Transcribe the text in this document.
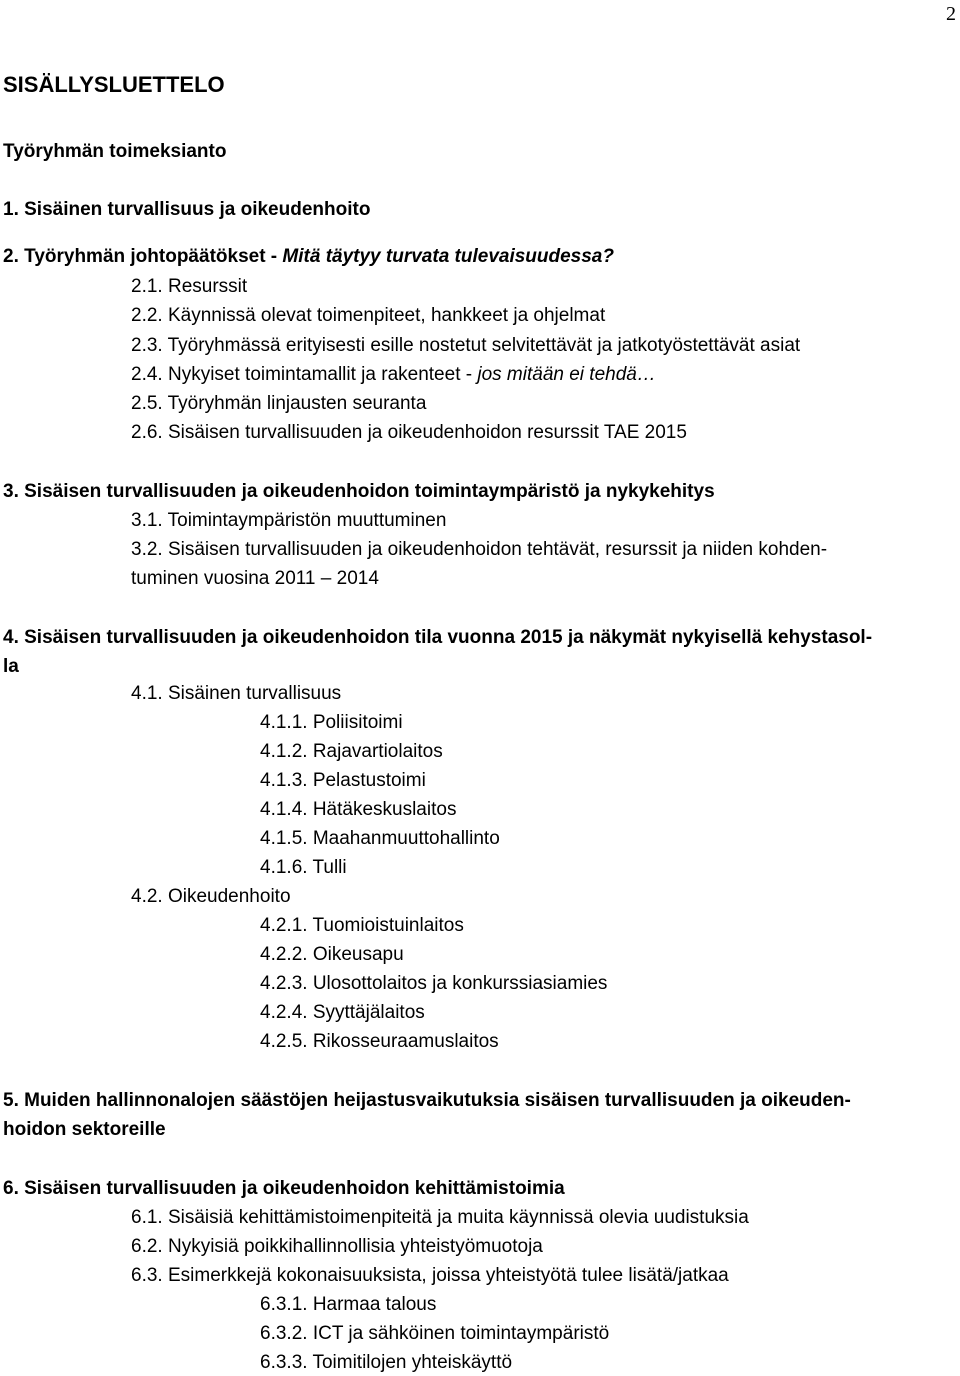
2
SISÄLLYSLUETTELO
Työryhmän toimeksianto
1. Sisäinen turvallisuus ja oikeudenhoito
2. Työryhmän johtopäätökset - Mitä täytyy turvata tulevaisuudessa?
2.1. Resurssit
2.2. Käynnissä olevat toimenpiteet, hankkeet ja ohjelmat
2.3. Työryhmässä erityisesti esille nostetut selvitettävät ja jatkotyöstettävät asiat
2.4. Nykyiset toimintamallit ja rakenteet - jos mitään ei tehdä…
2.5. Työryhmän linjausten seuranta
2.6. Sisäisen turvallisuuden ja oikeudenhoidon resurssit TAE 2015
3. Sisäisen turvallisuuden ja oikeudenhoidon toimintaympäristö ja nykykehitys
3.1. Toimintaympäristön muuttuminen
3.2. Sisäisen turvallisuuden ja oikeudenhoidon tehtävät, resurssit ja niiden kohden-
tuminen vuosina 2011 – 2014
4. Sisäisen turvallisuuden ja oikeudenhoidon tila vuonna 2015 ja näkymät nykyisellä kehystasol-
la
4.1. Sisäinen turvallisuus
4.1.1. Poliisitoimi
4.1.2. Rajavartiolaitos
4.1.3. Pelastustoimi
4.1.4. Hätäkeskuslaitos
4.1.5. Maahanmuuttohallinto
4.1.6. Tulli
4.2. Oikeudenhoito
4.2.1. Tuomioistuinlaitos
4.2.2. Oikeusapu
4.2.3. Ulosottolaitos ja konkurssiasiamies
4.2.4. Syyttäjälaitos
4.2.5. Rikosseuraamuslaitos
5. Muiden hallinnonalojen säästöjen heijastusvaikutuksia sisäisen turvallisuuden ja oikeuden-
hoidon sektoreille
6. Sisäisen turvallisuuden ja oikeudenhoidon kehittämistoimia
6.1. Sisäisiä kehittämistoimenpiteitä ja muita käynnissä olevia uudistuksia
6.2. Nykyisiä poikkihallinnollisia yhteistyömuotoja
6.3. Esimerkkejä kokonaisuuksista, joissa yhteistyötä tulee lisätä/jatkaa
6.3.1. Harmaa talous
6.3.2. ICT ja sähköinen toimintaympäristö
6.3.3. Toimitilojen yhteiskäyttö
